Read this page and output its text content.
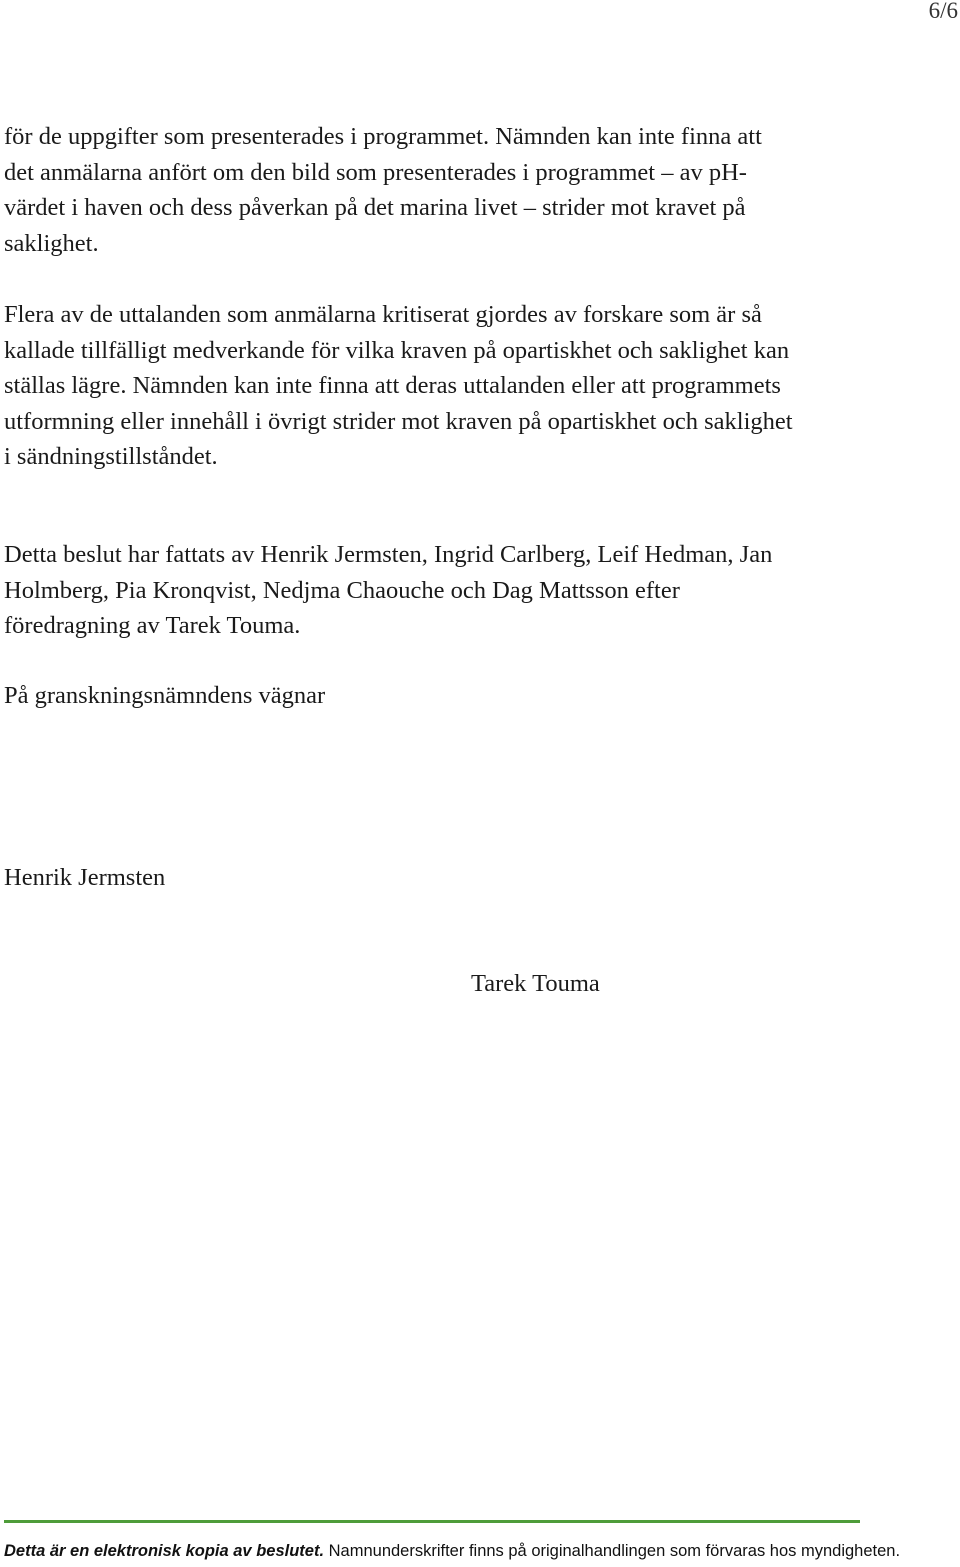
6/6

för de uppgifter som presenterades i programmet. Nämnden kan inte finna att
det anmälarna anfört om den bild som presenterades i programmet – av pH-
värdet i haven och dess påverkan på det marina livet – strider mot kravet på
saklighet.

Flera av de uttalanden som anmälarna kritiserat gjordes av forskare som är så
kallade tillfälligt medverkande för vilka kraven på opartiskhet och saklighet kan
ställas lägre. Nämnden kan inte finna att deras uttalanden eller att programmets
utformning eller innehåll i övrigt strider mot kraven på opartiskhet och saklighet
i sändningstillståndet.

Detta beslut har fattats av Henrik Jermsten, Ingrid Carlberg, Leif Hedman, Jan
Holmberg, Pia Kronqvist, Nedjma Chaouche och Dag Mattsson efter
föredragning av Tarek Touma.

På granskningsnämndens vägnar

Henrik Jermsten

Tarek Touma

Detta är en elektronisk kopia av beslutet. Namnunderskrifter finns på originalhandlingen som förvaras hos myndigheten.
